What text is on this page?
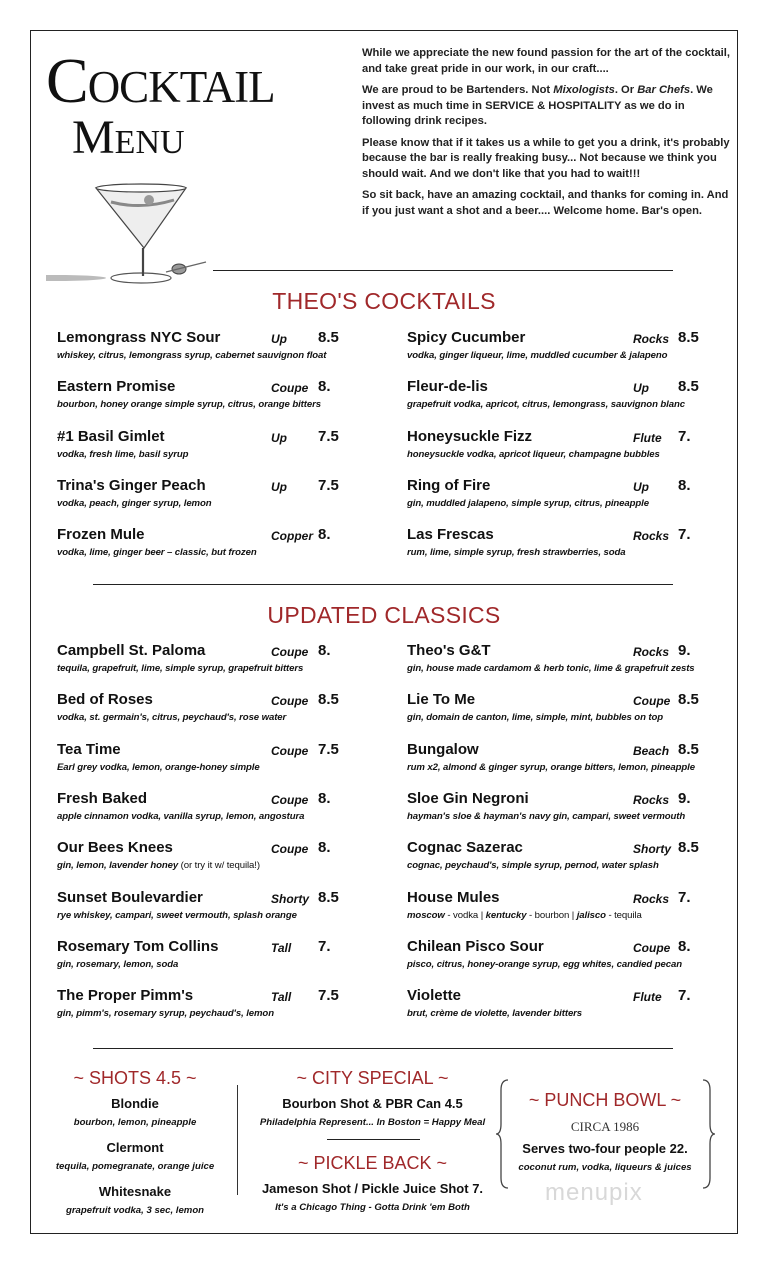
Cocktail
Menu

While we appreciate the new found passion for the art of the cocktail, and take great pride in our work, in our craft....

We are proud to be Bartenders. Not Mixologists. Or Bar Chefs. We invest as much time in SERVICE & HOSPITALITY as we do in following drink recipes.

Please know that if it takes us a while to get you a drink, it's probably because the bar is really freaking busy... Not because we think you should wait. And we don't like that you had to wait!!!

So sit back, have an amazing cocktail, and thanks for coming in. And if you just want a shot and a beer.... Welcome home. Bar's open.

THEO'S COCKTAILS
Lemongrass NYC Sour	Up 8.5
whiskey, citrus, lemongrass syrup, cabernet sauvignon float
Spicy Cucumber	Rocks 8.5
vodka, ginger liqueur, lime, muddled cucumber & jalapeno
Eastern Promise	Coupe 8.
bourbon, honey orange simple syrup, citrus, orange bitters
Fleur-de-lis	Up 8.5
grapefruit vodka, apricot, citrus, lemongrass, sauvignon blanc
#1 Basil Gimlet	Up 7.5
vodka, fresh lime, basil syrup
Honeysuckle Fizz	Flute 7.
honeysuckle vodka, apricot liqueur, champagne bubbles
Trina's Ginger Peach	Up 7.5
vodka, peach, ginger syrup, lemon
Ring of Fire	Up 8.
gin, muddled jalapeno, simple syrup, citrus, pineapple
Frozen Mule	Copper 8.
vodka, lime, ginger beer – classic, but frozen
Las Frescas	Rocks 7.
rum, lime, simple syrup, fresh strawberries, soda
UPDATED CLASSICS
Campbell St. Paloma	Coupe 8.
tequila, grapefruit, lime, simple syrup, grapefruit bitters
Theo's G&T	Rocks 9.
gin, house made cardamom & herb tonic, lime & grapefruit zests
Bed of Roses	Coupe 8.5
vodka, st. germain's, citrus, peychaud's, rose water
Lie To Me	Coupe 8.5
gin, domain de canton, lime, simple, mint, bubbles on top
Tea Time	Coupe 7.5
Earl grey vodka, lemon, orange-honey simple
Bungalow	Beach 8.5
rum x2, almond & ginger syrup, orange bitters, lemon, pineapple
Fresh Baked	Coupe 8.
apple cinnamon vodka, vanilla syrup, lemon, angostura
Sloe Gin Negroni	Rocks 9.
hayman's sloe & hayman's navy gin, campari, sweet vermouth
Our Bees Knees	Coupe 8.
gin, lemon, lavender honey (or try it w/ tequila!)
Cognac Sazerac	Shorty 8.5
cognac, peychaud's, simple syrup, pernod, water splash
Sunset Boulevardier	Shorty 8.5
rye whiskey, campari, sweet vermouth, splash orange
House Mules	Rocks 7.
moscow - vodka | kentucky - bourbon | jalisco - tequila
Rosemary Tom Collins	Tall 7.
gin, rosemary, lemon, soda
Chilean Pisco Sour	Coupe 8.
pisco, citrus, honey-orange syrup, egg whites, candied pecan
The Proper Pimm's	Tall 7.5
gin, pimm's, rosemary syrup, peychaud's, lemon
Violette	Flute 7.
brut, crème de violette, lavender bitters
~ SHOTS 4.5 ~
Blondie
bourbon, lemon, pineapple
Clermont
tequila, pomegranate, orange juice
Whitesnake
grapefruit vodka, 3 sec, lemon
~ CITY SPECIAL ~
Bourbon Shot & PBR Can 4.5
Philadelphia Represent... In Boston = Happy Meal
~ PICKLE BACK ~
Jameson Shot / Pickle Juice Shot 7.
It's a Chicago Thing - Gotta Drink 'em Both
~ PUNCH BOWL ~
CIRCA 1986
Serves two-four people 22.
coconut rum, vodka, liqueurs & juices
menupix
